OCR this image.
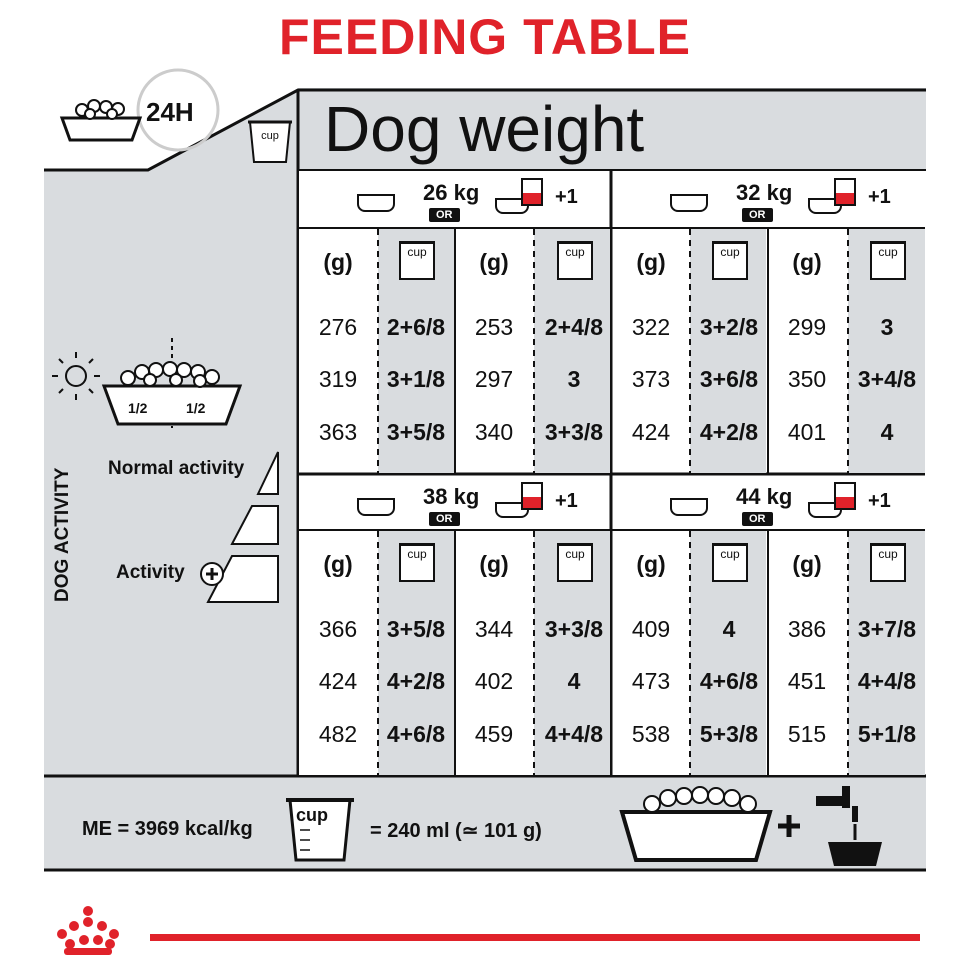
FEEDING TABLE
cup
24H Dog weight
DOG ACTIVITY Normal activity
Activity
1/2	1/2
26 kg
OR
+1
(g)
276
319
363
cup
2+6/8
3+1/8
3+5/8
(g)
253
297
340
cup
2+4/8
3
3+3/8
32 kg
OR
+1
(g)
322
373
424
cup
3+2/8
3+6/8
4+2/8
(g)
299
350
401
cup
3
3+4/8
4
38 kg
OR
+1
(g)
366
424
482
cup
3+5/8
4+2/8
4+6/8
(g)
344
402
459
cup
3+3/8
4
4+4/8
44 kg
OR
+1
(g)
409
473
538
cup
4
4+6/8
5+3/8
(g)
386
451
515
cup
3+7/8
4+4/8
5+1/8
ME = 3969 kcal/kg
cup
= 240 ml (≃ 101 g)
